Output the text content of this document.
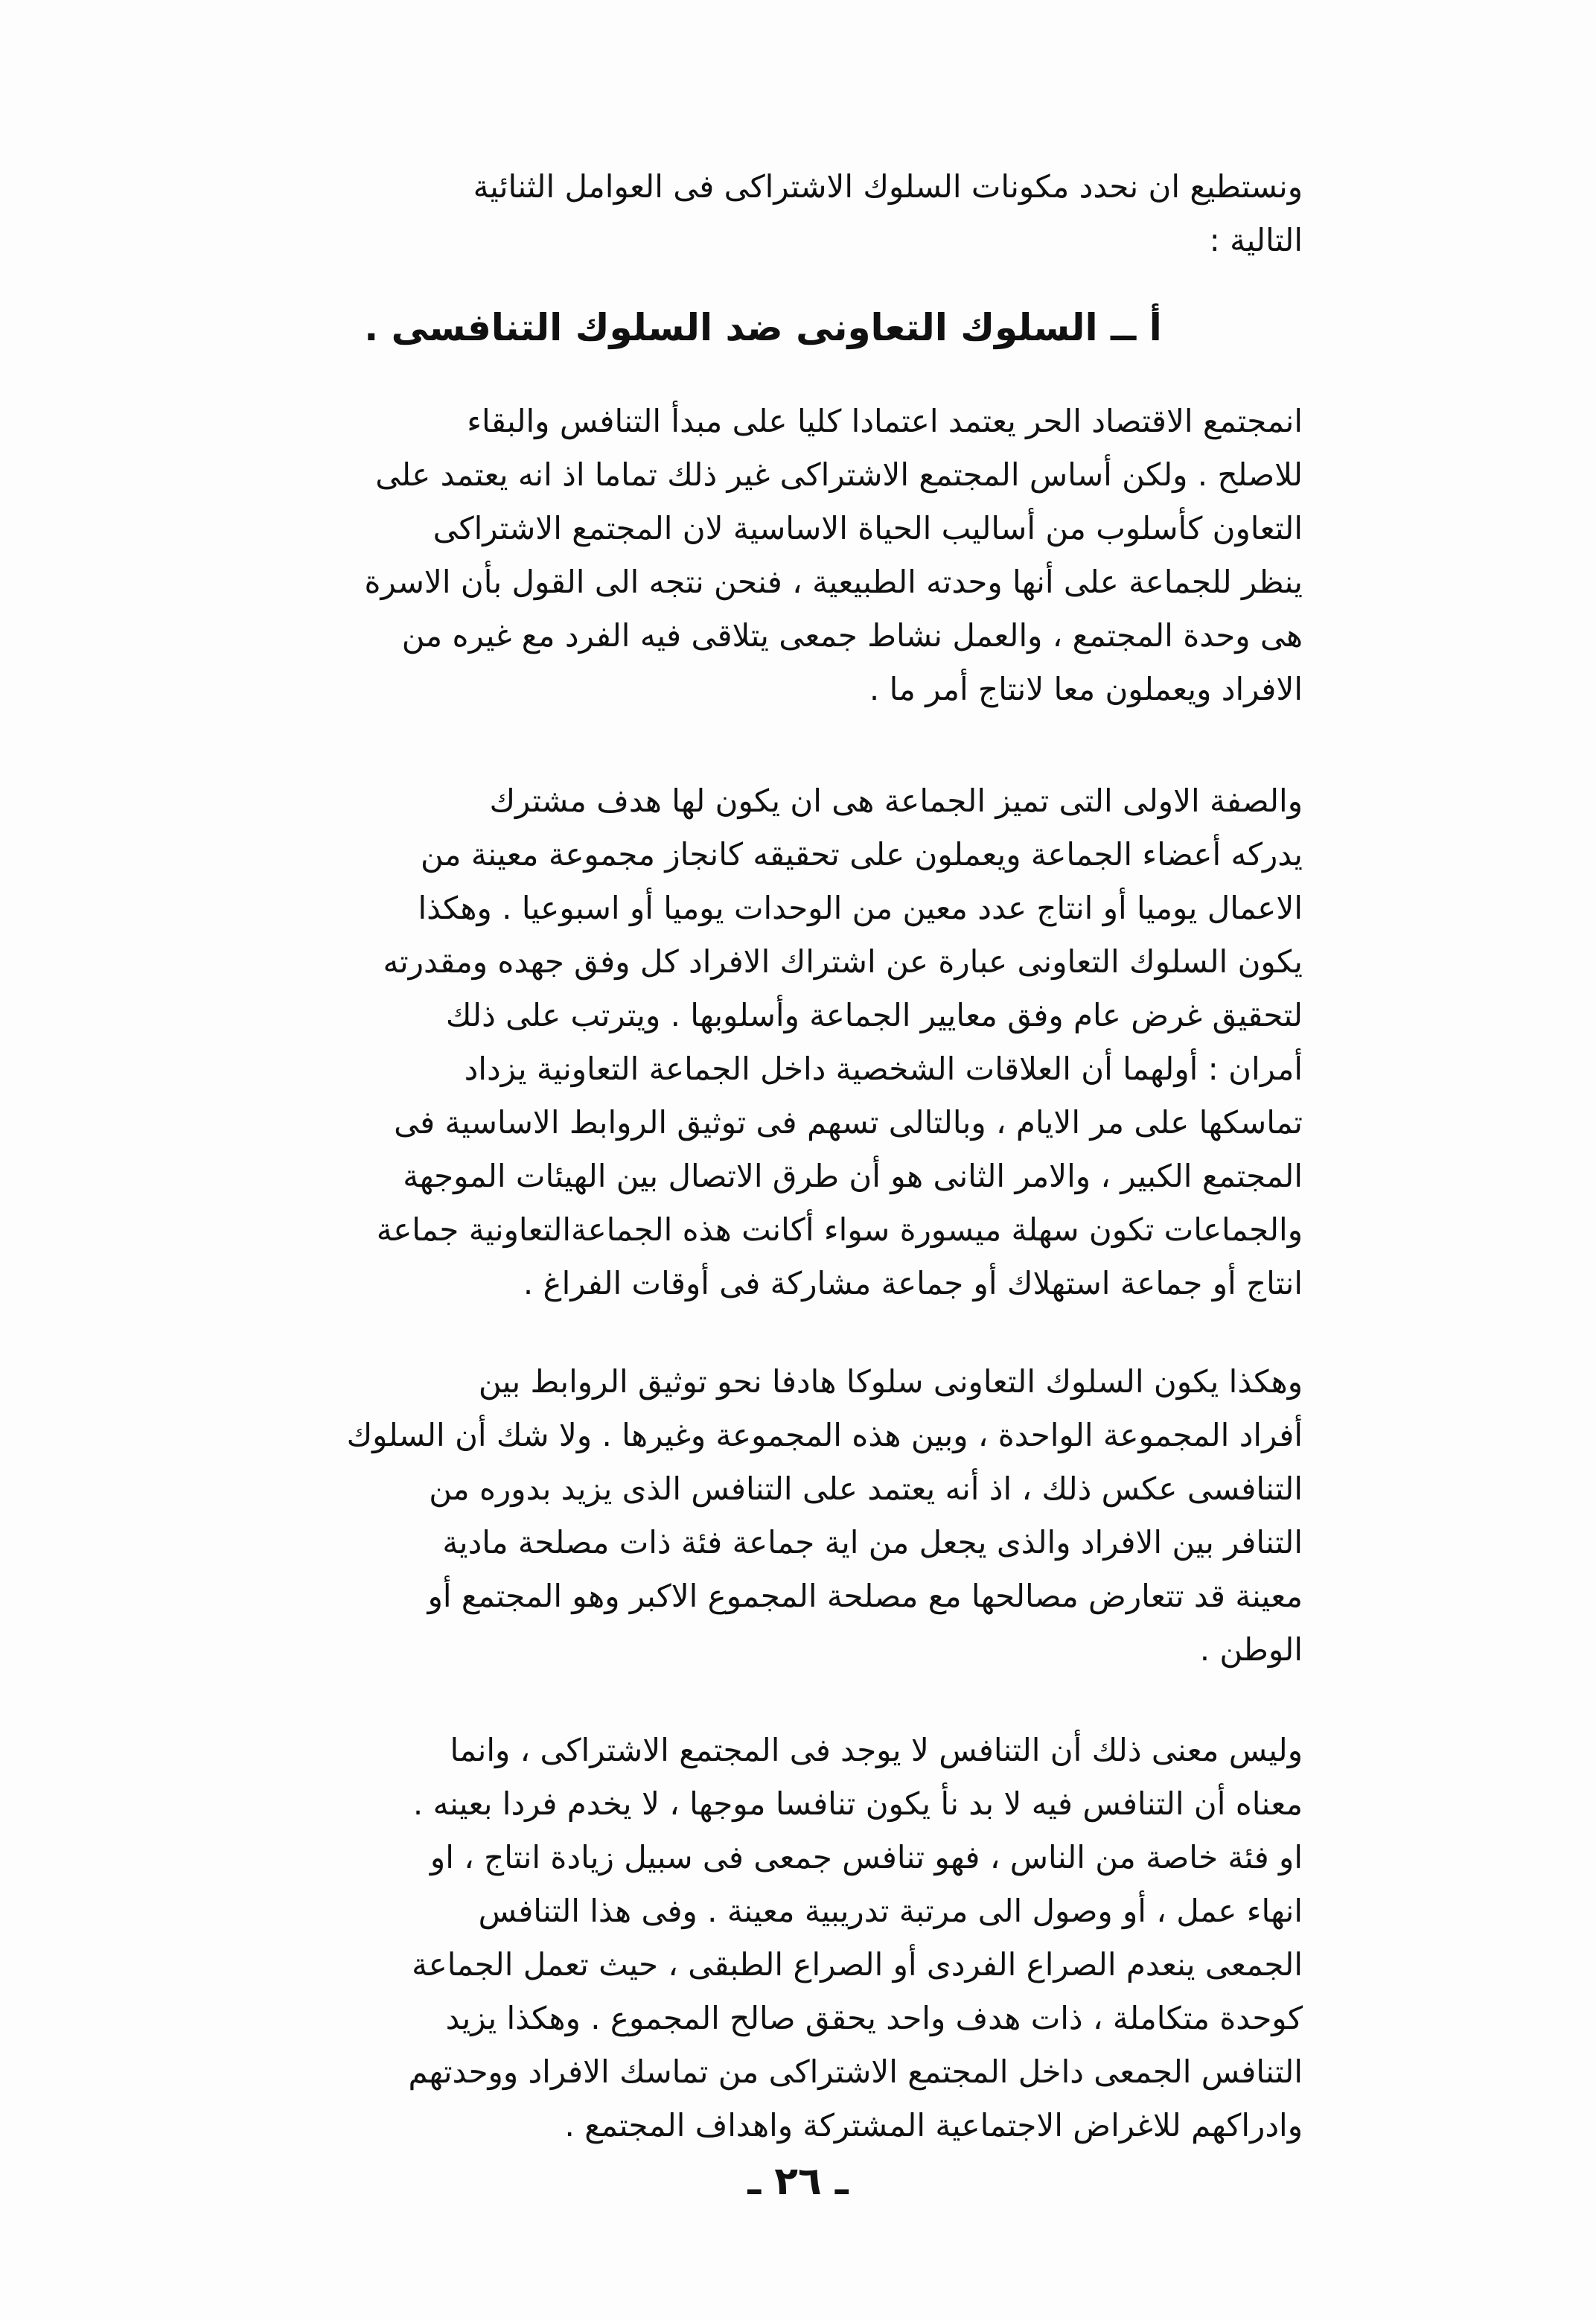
ونستطيع ان نحدد مكونات السلوك الاشتراكى فى العوامل الثنائية
التالية :
أ ــ السلوك التعاونى ضد السلوك التنافسى .
انمجتمع الاقتصاد الحر يعتمد اعتمادا كليا على مبدأ التنافس والبقاء
للاصلح . ولكن أساس المجتمع الاشتراكى غير ذلك تماما اذ انه يعتمد على
التعاون كأسلوب من أساليب الحياة الاساسية لان المجتمع الاشتراكى
ينظر للجماعة على أنها وحدته الطبيعية ، فنحن نتجه الى القول بأن الاسرة
هى وحدة المجتمع ، والعمل نشاط جمعى يتلاقى فيه الفرد مع غيره من
الافراد ويعملون معا لانتاج أمر ما .
والصفة الاولى التى تميز الجماعة هى ان يكون لها هدف مشترك
يدركه أعضاء الجماعة ويعملون على تحقيقه كانجاز مجموعة معينة من
الاعمال يوميا أو انتاج عدد معين من الوحدات يوميا أو اسبوعيا . وهكذا
يكون السلوك التعاونى عبارة عن اشتراك الافراد كل وفق جهده ومقدرته
لتحقيق غرض عام وفق معايير الجماعة وأسلوبها . ويترتب على ذلك
أمران : أولهما أن العلاقات الشخصية داخل الجماعة التعاونية يزداد
تماسكها على مر الايام ، وبالتالى تسهم فى توثيق الروابط الاساسية فى
المجتمع الكبير ، والامر الثانى هو أن طرق الاتصال بين الهيئات الموجهة
والجماعات تكون سهلة ميسورة سواء أكانت هذه الجماعةالتعاونية جماعة
انتاج أو جماعة استهلاك أو جماعة مشاركة فى أوقات الفراغ .
وهكذا يكون السلوك التعاونى سلوكا هادفا نحو توثيق الروابط بين
أفراد المجموعة الواحدة ، وبين هذه المجموعة وغيرها . ولا شك أن السلوك
التنافسى عكس ذلك ، اذ أنه يعتمد على التنافس الذى يزيد بدوره من
التنافر بين الافراد والذى يجعل من اية جماعة فئة ذات مصلحة مادية
معينة قد تتعارض مصالحها مع مصلحة المجموع الاكبر وهو المجتمع أو
الوطن .
وليس معنى ذلك أن التنافس لا يوجد فى المجتمع الاشتراكى ، وانما
معناه أن التنافس فيه لا بد نأ يكون تنافسا موجها ، لا يخدم فردا بعينه .
او فئة خاصة من الناس ، فهو تنافس جمعى فى سبيل زيادة انتاج ، او
انهاء عمل ، أو وصول الى مرتبة تدريبية معينة . وفى هذا التنافس
الجمعى ينعدم الصراع الفردى أو الصراع الطبقى ، حيث تعمل الجماعة
كوحدة متكاملة ، ذات هدف واحد يحقق صالح المجموع . وهكذا يزيد
التنافس الجمعى داخل المجتمع الاشتراكى من تماسك الافراد ووحدتهم
وادراكهم للاغراض الاجتماعية المشتركة واهداف المجتمع .
ـ ٢٦ ـ
